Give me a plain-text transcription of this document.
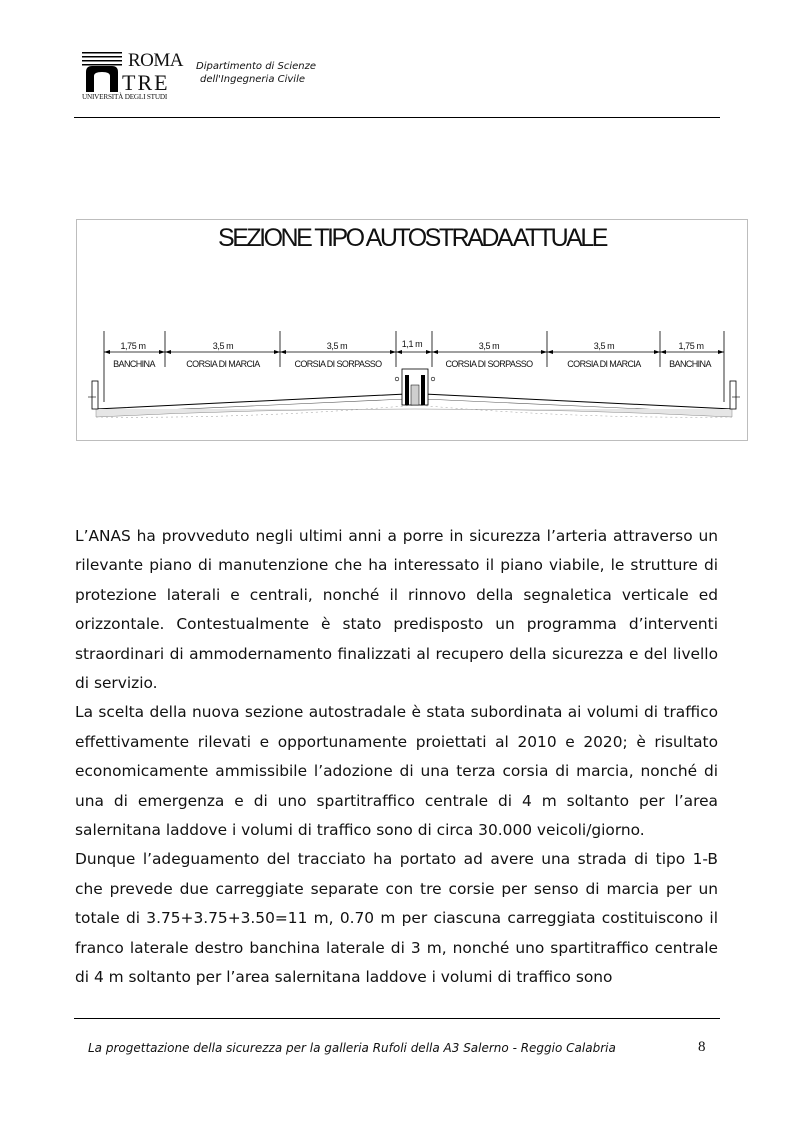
ROMA
TRE
UNIVERSITÀ DEGLI STUDI
Dipartimento di Scienze
dell'Ingegneria Civile
SEZIONE TIPO AUTOSTRADA ATTUALE
1,75 m	3,5 m	3,5 m	1,1 m	3,5 m	3,5 m	1,75 m
BANCHINA	CORSIA DI MARCIA	CORSIA DI SORPASSO	CORSIA DI SORPASSO	CORSIA DI MARCIA	BANCHINA

L’ANAS ha provveduto negli ultimi anni a porre in sicurezza l’arteria attraverso un rilevante piano di manutenzione che ha interessato il piano viabile, le strutture di protezione laterali e centrali, nonché il rinnovo della segnaletica verticale ed orizzontale. Contestualmente è stato predisposto un programma d’interventi straordinari di ammodernamento finalizzati al recupero della sicurezza e del livello di servizio.

La scelta della nuova sezione autostradale è stata subordinata ai volumi di traffico effettivamente rilevati e opportunamente proiettati al 2010 e 2020; è risultato economicamente ammissibile l’adozione di una terza corsia di marcia, nonché di una di emergenza e di uno spartitraffico centrale di 4 m soltanto per l’area salernitana laddove i volumi di traffico sono di circa 30.000 veicoli/giorno.

Dunque l’adeguamento del tracciato ha portato ad avere una strada di tipo 1-B che prevede due carreggiate separate con tre corsie per senso di marcia per un totale di 3.75+3.75+3.50=11 m, 0.70 m per ciascuna carreggiata costituiscono il franco laterale destro banchina laterale di 3 m, nonché uno spartitraffico centrale di 4 m soltanto per l’area salernitana laddove i volumi di traffico sono

La progettazione della sicurezza per la galleria Rufoli della A3 Salerno - Reggio Calabria	8
